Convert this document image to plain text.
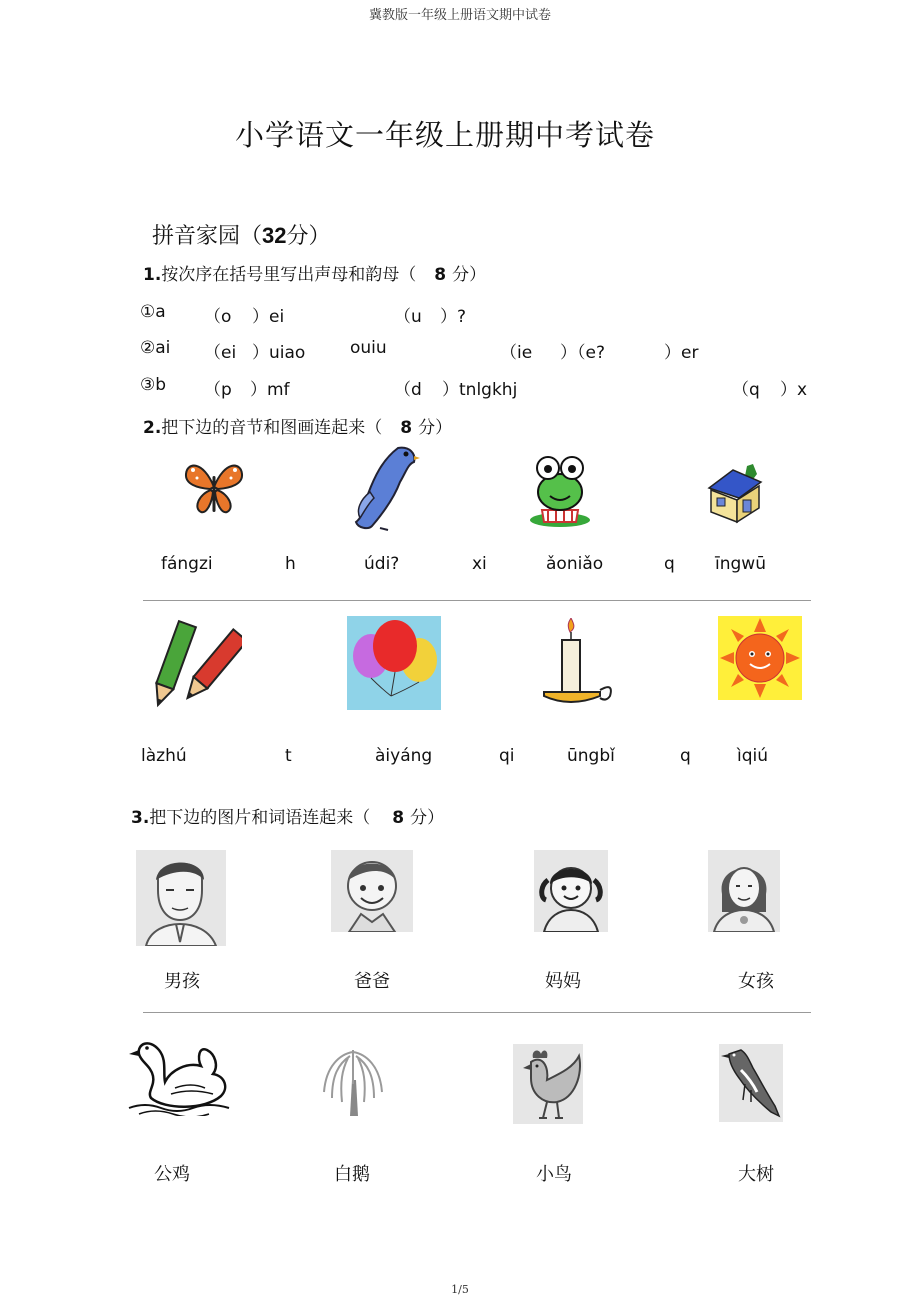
冀教版一年级上册语文期中试卷
小学语文一年级上册期中考试卷
拼音家园（32分）
1.按次序在括号里写出声母和韵母（ 8 分）
①a （o ）ei	（u ）?
②ai （ei ）uiao	ouiu	（ie ）（e?	）er
③b （p ）mf	（d ）tnlgkhj	（q ）x
2.把下边的音节和图画连起来（ 8 分）
fángzi	h	údi?	xi	ǎoniǎo	q īngwū
làzhú	t	àiyáng	qi	ūngbǐ	q	ìqiú
3.把下边的图片和词语连起来（ 8 分）
男孩	爸爸	妈妈	女孩
公鸡	白鹅	小鸟	大树
1/5
